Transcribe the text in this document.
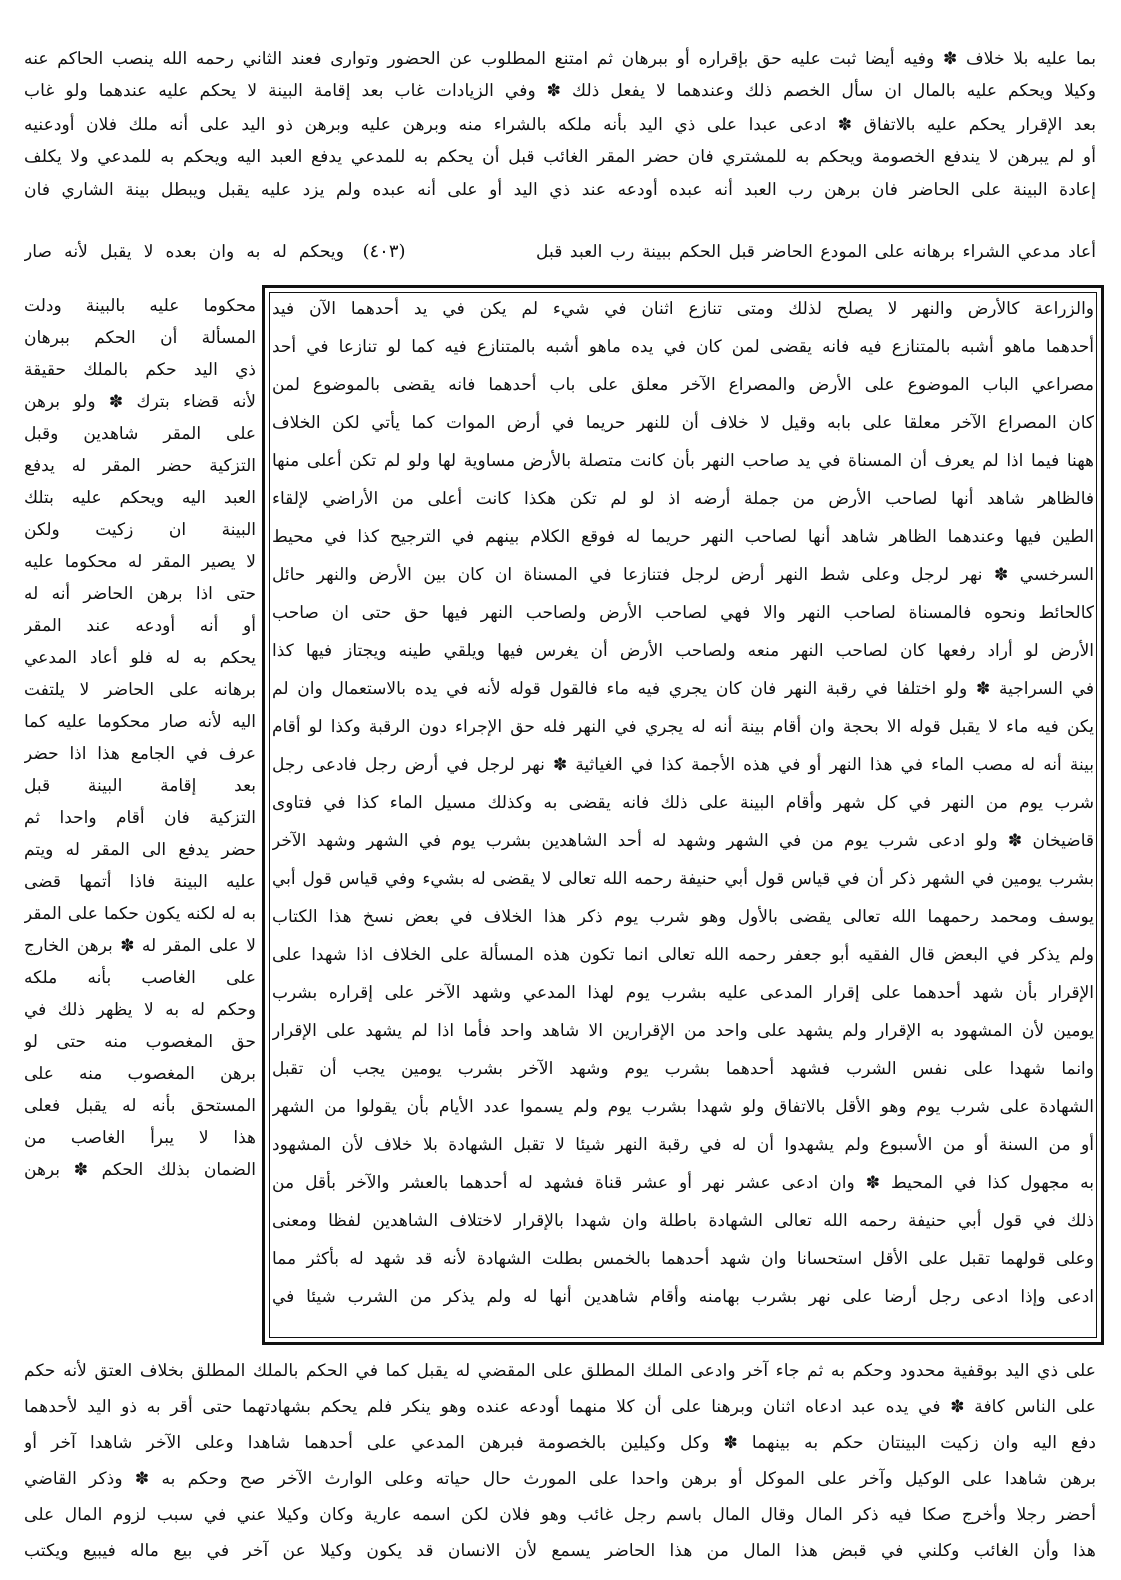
بما عليه بلا خلاف ✽ وفيه أيضا ثبت عليه حق بإقراره أو ببرهان ثم امتنع المطلوب عن الحضور وتوارى فعند الثاني رحمه الله ينصب الحاكم عنه
وكيلا ويحكم عليه بالمال ان سأل الخصم ذلك وعندهما لا يفعل ذلك ✽ وفي الزيادات غاب بعد إقامة البينة لا يحكم عليه عندهما ولو غاب
بعد الإقرار يحكم عليه بالاتفاق ✽ ادعى عبدا على ذي اليد بأنه ملكه بالشراء منه وبرهن عليه وبرهن ذو اليد على أنه ملك فلان أودعنيه
أو لم يبرهن لا يندفع الخصومة ويحكم به للمشتري فان حضر المقر الغائب قبل أن يحكم به للمدعي يدفع العبد اليه ويحكم به للمدعي ولا يكلف
إعادة البينة على الحاضر فان برهن رب العبد أنه عبده أودعه عند ذي اليد أو على أنه عبده ولم يزد عليه يقبل ويبطل بينة الشاري فان
أعاد مدعي الشراء برهانه على المودع الحاضر قبل الحكم ببينة رب العبد قبل
(٤٠٣)
ويحكم له به وان بعده لا يقبل لأنه صار
محكوما عليه بالبينة ودلت
المسألة أن الحكم ببرهان
ذي اليد حكم بالملك حقيقة
لأنه قضاء بترك ✽ ولو برهن
على المقر شاهدين وقبل
التزكية حضر المقر له يدفع
العبد اليه ويحكم عليه بتلك
البينة ان زكيت ولكن
لا يصير المقر له محكوما عليه
حتى اذا برهن الحاضر أنه له
أو أنه أودعه عند المقر
يحكم به له فلو أعاد المدعي
برهانه على الحاضر لا يلتفت
اليه لأنه صار محكوما عليه كما
عرف في الجامع هذا اذا حضر
بعد إقامة البينة قبل
التزكية فان أقام واحدا ثم
حضر يدفع الى المقر له ويتم
عليه البينة فاذا أتمها قضى
به له لكنه يكون حكما على المقر
لا على المقر له ✽ برهن الخارج
على الغاصب بأنه ملكه
وحكم له به لا يظهر ذلك في
حق المغصوب منه حتى لو
برهن المغصوب منه على
المستحق بأنه له يقبل فعلى
هذا لا يبرأ الغاصب من
الضمان بذلك الحكم ✽ برهن
والزراعة كالأرض والنهر لا يصلح لذلك ومتى تنازع اثنان في شيء لم يكن في يد أحدهما الآن فيد
أحدهما ماهو أشبه بالمتنازع فيه فانه يقضى لمن كان في يده ماهو أشبه بالمتنازع فيه كما لو تنازعا في أحد
مصراعي الباب الموضوع على الأرض والمصراع الآخر معلق على باب أحدهما فانه يقضى بالموضوع لمن
كان المصراع الآخر معلقا على بابه وقيل لا خلاف أن للنهر حريما في أرض الموات كما يأتي لكن الخلاف
ههنا فيما اذا لم يعرف أن المسناة في يد صاحب النهر بأن كانت متصلة بالأرض مساوية لها ولو لم تكن أعلى منها
فالظاهر شاهد أنها لصاحب الأرض من جملة أرضه اذ لو لم تكن هكذا كانت أعلى من الأراضي لإلقاء
الطين فيها وعندهما الظاهر شاهد أنها لصاحب النهر حريما له فوقع الكلام بينهم في الترجيح كذا في محيط
السرخسي ✽ نهر لرجل وعلى شط النهر أرض لرجل فتنازعا في المسناة ان كان بين الأرض والنهر حائل
كالحائط ونحوه فالمسناة لصاحب النهر والا فهي لصاحب الأرض ولصاحب النهر فيها حق حتى ان صاحب
الأرض لو أراد رفعها كان لصاحب النهر منعه ولصاحب الأرض أن يغرس فيها ويلقي طينه ويجتاز فيها كذا
في السراجية ✽ ولو اختلفا في رقبة النهر فان كان يجري فيه ماء فالقول قوله لأنه في يده بالاستعمال وان لم
يكن فيه ماء لا يقبل قوله الا بحجة وان أقام بينة أنه له يجري في النهر فله حق الإجراء دون الرقبة وكذا لو أقام
بينة أنه له مصب الماء في هذا النهر أو في هذه الأجمة كذا في الغياثية ✽ نهر لرجل في أرض رجل فادعى رجل
شرب يوم من النهر في كل شهر وأقام البينة على ذلك فانه يقضى به وكذلك مسيل الماء كذا في فتاوى
قاضيخان ✽ ولو ادعى شرب يوم من في الشهر وشهد له أحد الشاهدين بشرب يوم في الشهر وشهد الآخر
بشرب يومين في الشهر ذكر أن في قياس قول أبي حنيفة رحمه الله تعالى لا يقضى له بشيء وفي قياس قول أبي
يوسف ومحمد رحمهما الله تعالى يقضى بالأول وهو شرب يوم ذكر هذا الخلاف في بعض نسخ هذا الكتاب
ولم يذكر في البعض قال الفقيه أبو جعفر رحمه الله تعالى انما تكون هذه المسألة على الخلاف اذا شهدا على
الإقرار بأن شهد أحدهما على إقرار المدعى عليه بشرب يوم لهذا المدعي وشهد الآخر على إقراره بشرب
يومين لأن المشهود به الإقرار ولم يشهد على واحد من الإقرارين الا شاهد واحد فأما اذا لم يشهد على الإقرار
وانما شهدا على نفس الشرب فشهد أحدهما بشرب يوم وشهد الآخر بشرب يومين يجب أن تقبل
الشهادة على شرب يوم وهو الأقل بالاتفاق ولو شهدا بشرب يوم ولم يسموا عدد الأيام بأن يقولوا من الشهر
أو من السنة أو من الأسبوع ولم يشهدوا أن له في رقبة النهر شيئا لا تقبل الشهادة بلا خلاف لأن المشهود
به مجهول كذا في المحيط ✽ وان ادعى عشر نهر أو عشر قناة فشهد له أحدهما بالعشر والآخر بأقل من
ذلك في قول أبي حنيفة رحمه الله تعالى الشهادة باطلة وان شهدا بالإقرار لاختلاف الشاهدين لفظا ومعنى
وعلى قولهما تقبل على الأقل استحسانا وان شهد أحدهما بالخمس بطلت الشهادة لأنه قد شهد له بأكثر مما
ادعى وإذا ادعى رجل أرضا على نهر بشرب بهامنه وأقام شاهدين أنها له ولم يذكر من الشرب شيئا في
على ذي اليد بوقفية محدود وحكم به ثم جاء آخر وادعى الملك المطلق على المقضي له يقبل كما في الحكم بالملك المطلق بخلاف العتق لأنه حكم
على الناس كافة ✽ في يده عبد ادعاه اثنان وبرهنا على أن كلا منهما أودعه عنده وهو ينكر فلم يحكم بشهادتهما حتى أقر به ذو اليد لأحدهما
دفع اليه وان زكيت البينتان حكم به بينهما ✽ وكل وكيلين بالخصومة فبرهن المدعي على أحدهما شاهدا وعلى الآخر شاهدا آخر أو
برهن شاهدا على الوكيل وآخر على الموكل أو برهن واحدا على المورث حال حياته وعلى الوارث الآخر صح وحكم به ✽ وذكر القاضي
أحضر رجلا وأخرج صكا فيه ذكر المال وقال المال باسم رجل غائب وهو فلان لكن اسمه عارية وكان وكيلا عني في سبب لزوم المال على
هذا وأن الغائب وكلني في قبض هذا المال من هذا الحاضر يسمع لأن الانسان قد يكون وكيلا عن آخر في بيع ماله فيبيع ويكتب
